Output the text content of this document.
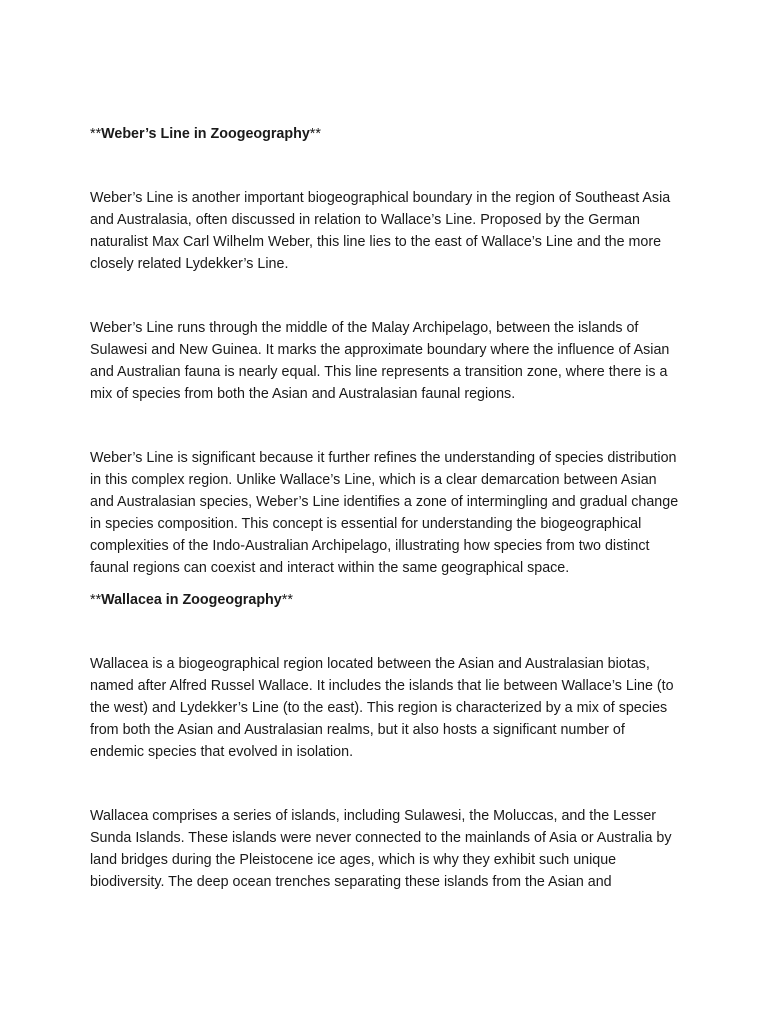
**Weber’s Line in Zoogeography**

Weber’s Line is another important biogeographical boundary in the region of Southeast Asia and Australasia, often discussed in relation to Wallace’s Line. Proposed by the German naturalist Max Carl Wilhelm Weber, this line lies to the east of Wallace’s Line and the more closely related Lydekker’s Line.

Weber’s Line runs through the middle of the Malay Archipelago, between the islands of Sulawesi and New Guinea. It marks the approximate boundary where the influence of Asian and Australian fauna is nearly equal. This line represents a transition zone, where there is a mix of species from both the Asian and Australasian faunal regions.

Weber’s Line is significant because it further refines the understanding of species distribution in this complex region. Unlike Wallace’s Line, which is a clear demarcation between Asian and Australasian species, Weber’s Line identifies a zone of intermingling and gradual change in species composition. This concept is essential for understanding the biogeographical complexities of the Indo-Australian Archipelago, illustrating how species from two distinct faunal regions can coexist and interact within the same geographical space.

**Wallacea in Zoogeography**

Wallacea is a biogeographical region located between the Asian and Australasian biotas, named after Alfred Russel Wallace. It includes the islands that lie between Wallace’s Line (to the west) and Lydekker’s Line (to the east). This region is characterized by a mix of species from both the Asian and Australasian realms, but it also hosts a significant number of endemic species that evolved in isolation.

Wallacea comprises a series of islands, including Sulawesi, the Moluccas, and the Lesser Sunda Islands. These islands were never connected to the mainlands of Asia or Australia by land bridges during the Pleistocene ice ages, which is why they exhibit such unique biodiversity. The deep ocean trenches separating these islands from the Asian and
